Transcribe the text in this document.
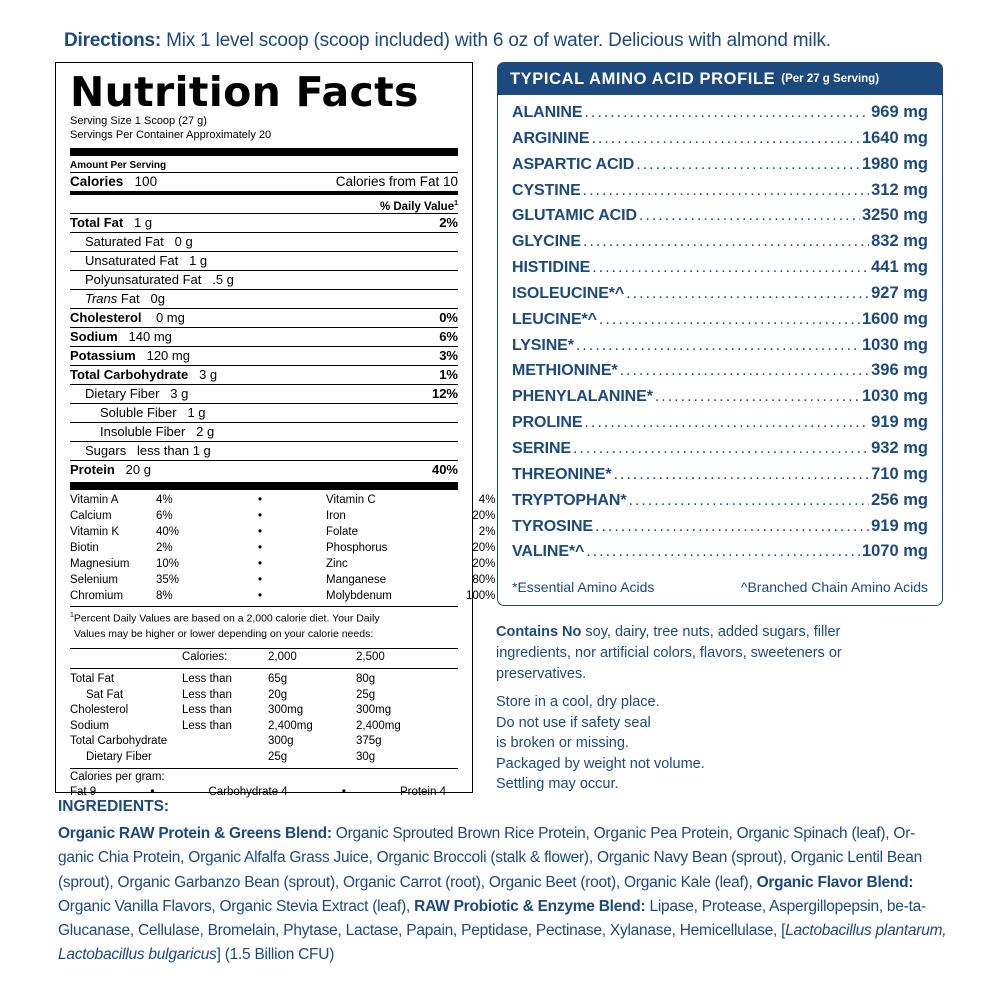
Directions: Mix 1 level scoop (scoop included) with 6 oz of water. Delicious with almond milk.
Nutrition Facts
Serving Size 1 Scoop (27 g)
Servings Per Container Approximately 20
Amount Per Serving
Calories 100	Calories from Fat 10
% Daily Value$^1$
Total Fat 1 g	2%
Saturated Fat 0 g
Unsaturated Fat 1 g
Polyunsaturated Fat .5 g
Trans Fat 0g
Cholesterol 0 mg	0%
Sodium 140 mg	6%
Potassium 120 mg	3%
Total Carbohydrate 3 g	1%
Dietary Fiber 3 g	12%
Soluble Fiber 1 g
Insoluble Fiber 2 g
Sugars less than 1 g
Protein 20 g	40%
Vitamin A	4%	•	Vitamin C	4%
Calcium	6%	•	Iron	20%
Vitamin K	40%	•	Folate	2%
Biotin	2%	•	Phosphorus	20%
Magnesium	10%	•	Zinc	20%
Selenium	35%	•	Manganese	80%
Chromium	8%	•	Molybdenum	100%
$^1$Percent Daily Values are based on a 2,000 calorie diet. Your Daily
Values may be higher or lower depending on your calorie needs:
Calories:	2,000	2,500
Total Fat	Less than	65g	80g
Sat Fat	Less than	20g	25g
Cholesterol	Less than	300mg	300mg
Sodium	Less than	2,400mg	2,400mg
Total Carbohydrate	300g	375g
Dietary Fiber	25g	30g
Calories per gram:
Fat 9	•	Carbohydrate 4	•	Protein 4
TYPICAL AMINO ACID PROFILE (Per 27 g Serving)
ALANINE .....	969 mg
ARGININE .....	1640 mg
ASPARTIC ACID .....	1980 mg
CYSTINE .....	312 mg
GLUTAMIC ACID .....	3250 mg
GLYCINE .....	832 mg
HISTIDINE .....	441 mg
ISOLEUCINE*^ .....	927 mg
LEUCINE*^ .....	1600 mg
LYSINE* .....	1030 mg
METHIONINE* .....	396 mg
PHENYLALANINE* .....	1030 mg
PROLINE .....	919 mg
SERINE .....	932 mg
THREONINE* .....	710 mg
TRYPTOPHAN* .....	256 mg
TYROSINE .....	919 mg
VALINE*^ .....	1070 mg
*Essential Amino Acids	^Branched Chain Amino Acids
Contains No soy, dairy, tree nuts, added sugars, filler ingredients, nor artificial colors, flavors, sweeteners or preservatives.
Store in a cool, dry place.
Do not use if safety seal
is broken or missing.
Packaged by weight not volume.
Settling may occur.
INGREDIENTS:
Organic RAW Protein & Greens Blend: Organic Sprouted Brown Rice Protein, Organic Pea Protein, Organic Spinach (leaf), Or-ganic Chia Protein, Organic Alfalfa Grass Juice, Organic Broccoli (stalk & flower), Organic Navy Bean (sprout), Organic Lentil Bean (sprout), Organic Garbanzo Bean (sprout), Organic Carrot (root), Organic Beet (root), Organic Kale (leaf), Organic Flavor Blend: Organic Vanilla Flavors, Organic Stevia Extract (leaf), RAW Probiotic & Enzyme Blend: Lipase, Protease, Aspergillopepsin, be-ta-Glucanase, Cellulase, Bromelain, Phytase, Lactase, Papain, Peptidase, Pectinase, Xylanase, Hemicellulase, [Lactobacillus plantarum, Lactobacillus bulgaricus] (1.5 Billion CFU)
